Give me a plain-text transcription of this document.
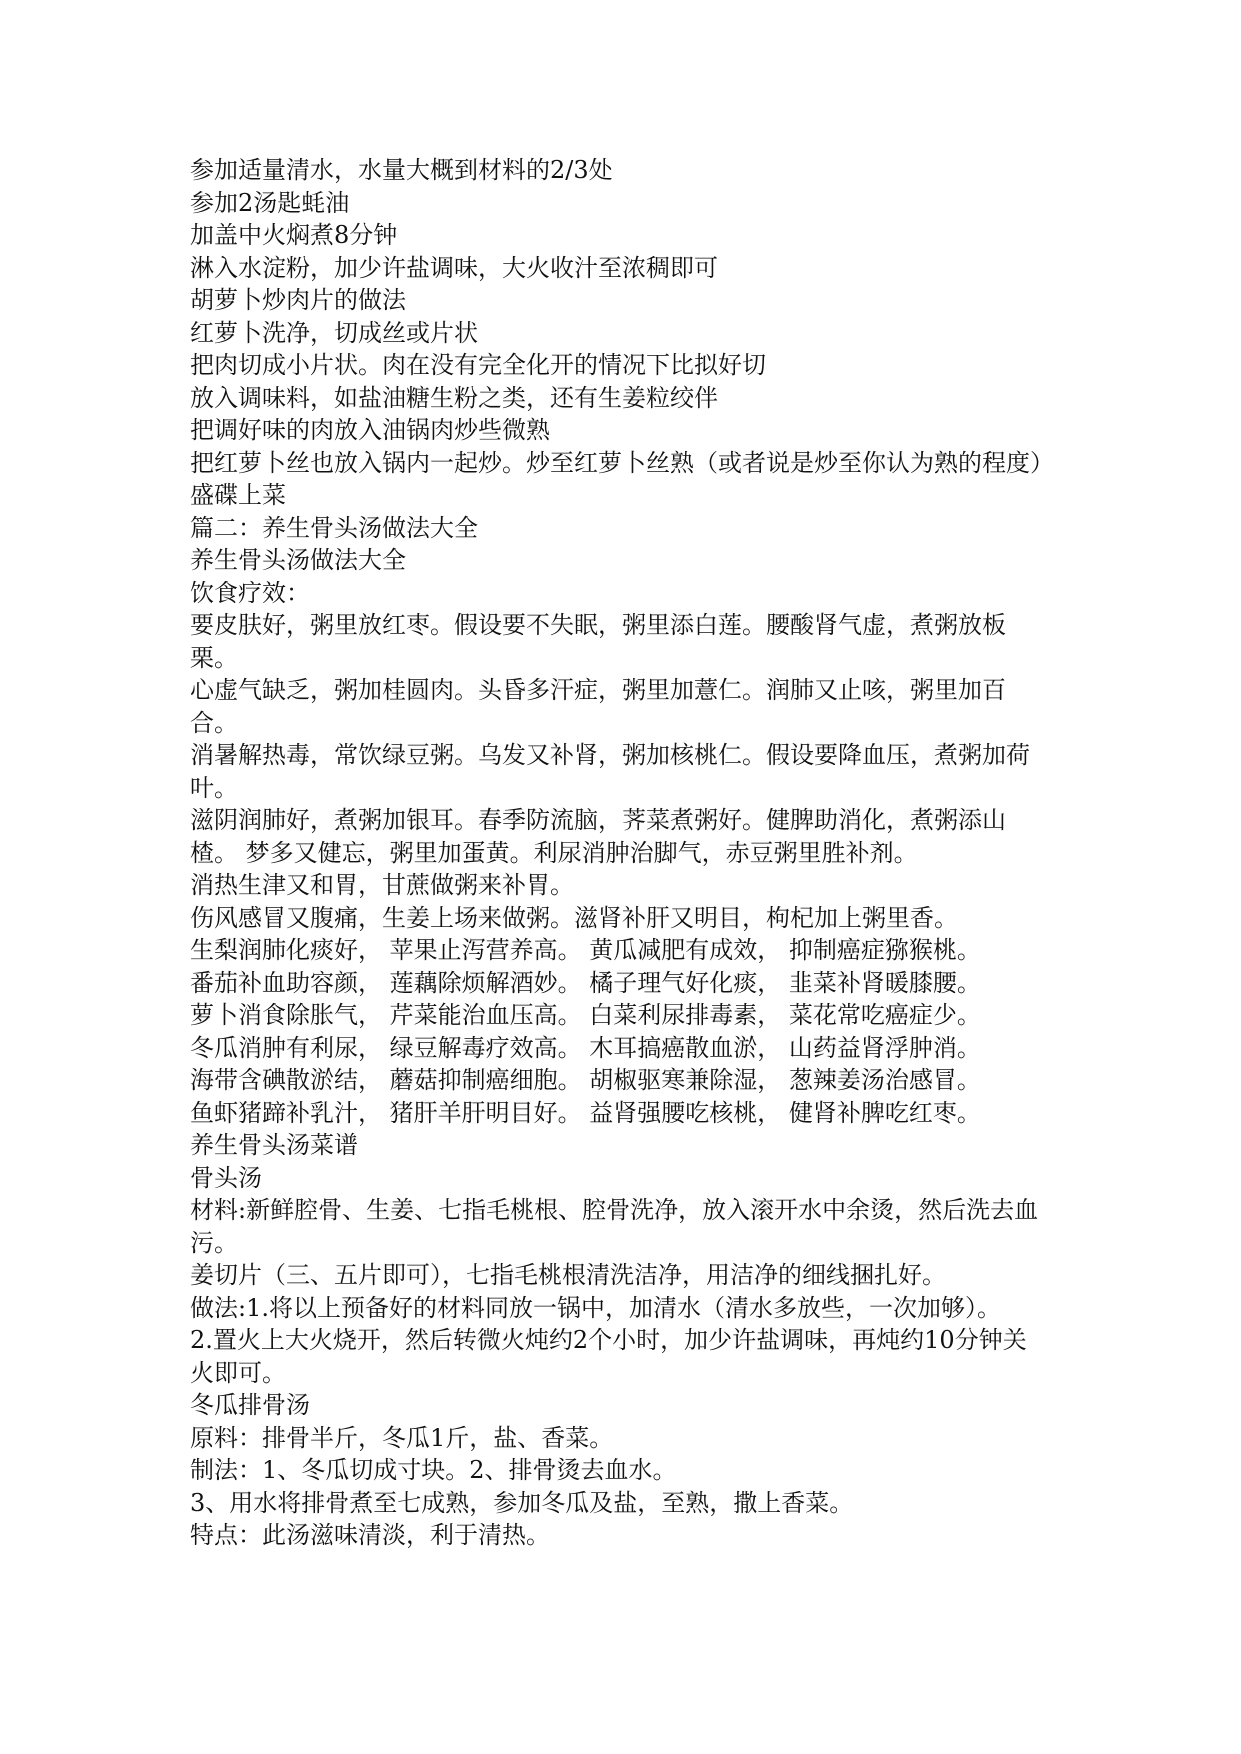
参加适量清水，水量大概到材料的2/3处

参加2汤匙蚝油

加盖中火焖煮8分钟

淋入水淀粉，加少许盐调味，大火收汁至浓稠即可

胡萝卜炒肉片的做法

红萝卜洗净，切成丝或片状

把肉切成小片状。肉在没有完全化开的情况下比拟好切

放入调味料，如盐油糖生粉之类，还有生姜粒绞伴

把调好味的肉放入油锅肉炒些微熟

把红萝卜丝也放入锅内一起炒。炒至红萝卜丝熟（或者说是炒至你认为熟的程度）

盛碟上菜

篇二：养生骨头汤做法大全

养生骨头汤做法大全

饮食疗效：

要皮肤好，粥里放红枣。假设要不失眠，粥里添白莲。腰酸肾气虚，煮粥放板栗。

心虚气缺乏，粥加桂圆肉。头昏多汗症，粥里加薏仁。润肺又止咳，粥里加百合。

消暑解热毒，常饮绿豆粥。乌发又补肾，粥加核桃仁。假设要降血压，煮粥加荷叶。

滋阴润肺好，煮粥加银耳。春季防流脑，荠菜煮粥好。健脾助消化，煮粥添山楂。 梦多又健忘，粥里加蛋黄。利尿消肿治脚气，赤豆粥里胜补剂。

消热生津又和胃，甘蔗做粥来补胃。

伤风感冒又腹痛，生姜上场来做粥。滋肾补肝又明目，枸杞加上粥里香。

生梨润肺化痰好， 苹果止泻营养高。 黄瓜减肥有成效， 抑制癌症猕猴桃。

番茄补血助容颜， 莲藕除烦解酒妙。 橘子理气好化痰， 韭菜补肾暖膝腰。

萝卜消食除胀气， 芹菜能治血压高。 白菜利尿排毒素， 菜花常吃癌症少。

冬瓜消肿有利尿， 绿豆解毒疗效高。 木耳搞癌散血淤， 山药益肾浮肿消。

海带含碘散淤结， 蘑菇抑制癌细胞。 胡椒驱寒兼除湿， 葱辣姜汤治感冒。

鱼虾猪蹄补乳汁， 猪肝羊肝明目好。 益肾强腰吃核桃， 健肾补脾吃红枣。

养生骨头汤菜谱

骨头汤

材料:新鲜腔骨、生姜、七指毛桃根、腔骨洗净，放入滚开水中余烫，然后洗去血污。

姜切片（三、五片即可），七指毛桃根清洗洁净，用洁净的细线捆扎好。

做法:1.将以上预备好的材料同放一锅中，加清水（清水多放些，一次加够）。

2.置火上大火烧开，然后转微火炖约2个小时，加少许盐调味，再炖约10分钟关火即可。

冬瓜排骨汤

原料：排骨半斤，冬瓜1斤，盐、香菜。

制法：1、冬瓜切成寸块。2、排骨烫去血水。

3、用水将排骨煮至七成熟，参加冬瓜及盐，至熟，撒上香菜。

特点：此汤滋味清淡，利于清热。
